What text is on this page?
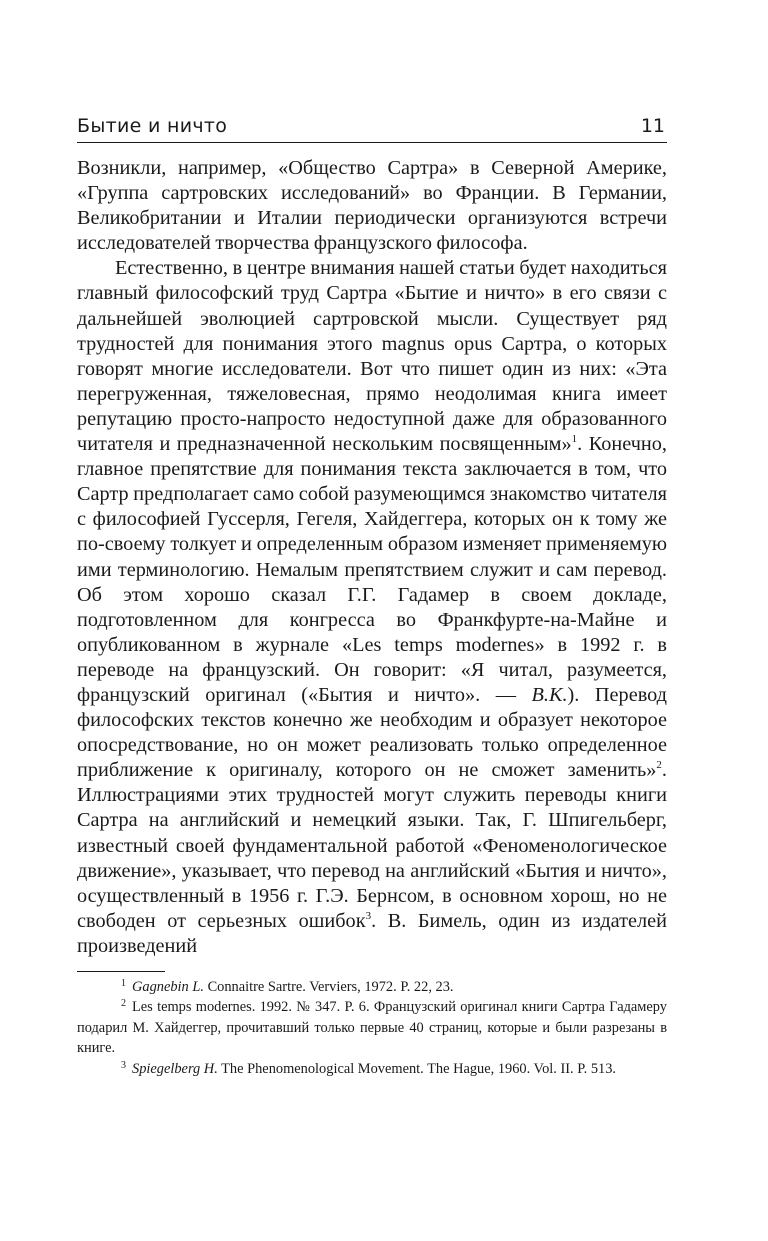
Бытие и ничто	11

Возникли, например, «Общество Сартра» в Северной Америке, «Группа сартровских исследований» во Франции. В Германии, Великобритании и Италии периодически организуются встречи исследователей творчества французского философа.

Естественно, в центре внимания нашей статьи будет находиться главный философский труд Сартра «Бытие и ничто» в его связи с дальнейшей эволюцией сартровской мысли. Существует ряд трудностей для понимания этого magnus opus Сартра, о которых говорят многие исследователи. Вот что пишет один из них: «Эта перегруженная, тяжеловесная, прямо неодолимая книга имеет репутацию просто-напросто недоступной даже для образованного читателя и предназначенной нескольким посвященным»$^1$. Конечно, главное препятствие для понимания текста заключается в том, что Сартр предполагает само собой разумеющимся знакомство читателя с философией Гуссерля, Гегеля, Хайдеггера, которых он к тому же по-своему толкует и определенным образом изменяет применяемую ими терминологию. Немалым препятствием служит и сам перевод. Об этом хорошо сказал Г.Г. Гадамер в своем докладе, подготовленном для конгресса во Франкфурте-на-Майне и опубликованном в журнале «Les temps modernes» в 1992 г. в переводе на французский. Он говорит: «Я читал, разумеется, французский оригинал («Бытия и ничто». — В.К.). Перевод философских текстов конечно же необходим и образует некоторое опосредствование, но он может реализовать только определенное приближение к оригиналу, которого он не сможет заменить»$^2$. Иллюстрациями этих трудностей могут служить переводы книги Сартра на английский и немецкий языки. Так, Г. Шпигельберг, известный своей фундаментальной работой «Феноменологическое движение», указывает, что перевод на английский «Бытия и ничто», осуществленный в 1956 г. Г.Э. Бернсом, в основном хорош, но не свободен от серьезных ошибок$^3$. В. Бимель, один из издателей произведений

$^1$ Gagnebin L. Connaitre Sartre. Verviers, 1972. P. 22, 23.

$^2$ Les temps modernes. 1992. № 347. P. 6. Французский оригинал книги Сартра Гадамеру подарил М. Хайдеггер, прочитавший только первые 40 страниц, которые и были разрезаны в книге.

$^3$ Spiegelberg H. The Phenomenological Movement. The Hague, 1960. Vol. II. P. 513.
